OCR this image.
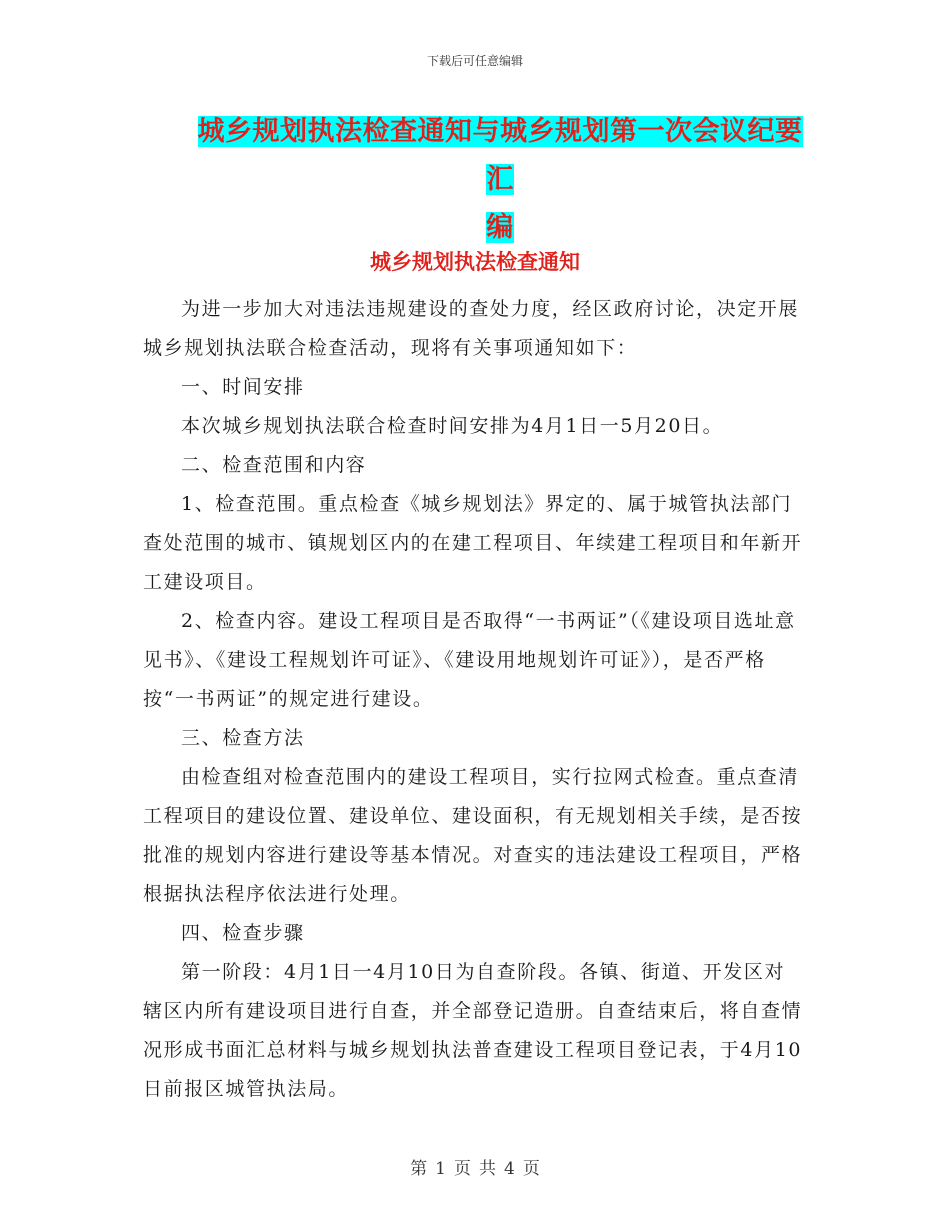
下载后可任意编辑
城乡规划执法检查通知与城乡规划第一次会议纪要汇
编
城乡规划执法检查通知

为进一步加大对违法违规建设的查处力度，经区政府讨论，决定开展城乡规划执法联合检查活动，现将有关事项通知如下：

一、时间安排

本次城乡规划执法联合检查时间安排为4月1日一5月20日。

二、检查范围和内容

1、检查范围。重点检查《城乡规划法》界定的、属于城管执法部门查处范围的城市、镇规划区内的在建工程项目、年续建工程项目和年新开工建设项目。

2、检查内容。建设工程项目是否取得“一书两证”（《建设项目选址意见书》、《建设工程规划许可证》、《建设用地规划许可证》），是否严格按“一书两证”的规定进行建设。

三、检查方法

由检查组对检查范围内的建设工程项目，实行拉网式检查。重点查清工程项目的建设位置、建设单位、建设面积，有无规划相关手续，是否按批准的规划内容进行建设等基本情况。对查实的违法建设工程项目，严格根据执法程序依法进行处理。

四、检查步骤

第一阶段：4月1日一4月10日为自查阶段。各镇、街道、开发区对辖区内所有建设项目进行自查，并全部登记造册。自查结束后，将自查情况形成书面汇总材料与城乡规划执法普查建设工程项目登记表，于4月10日前报区城管执法局。

第 1 页 共 4 页
